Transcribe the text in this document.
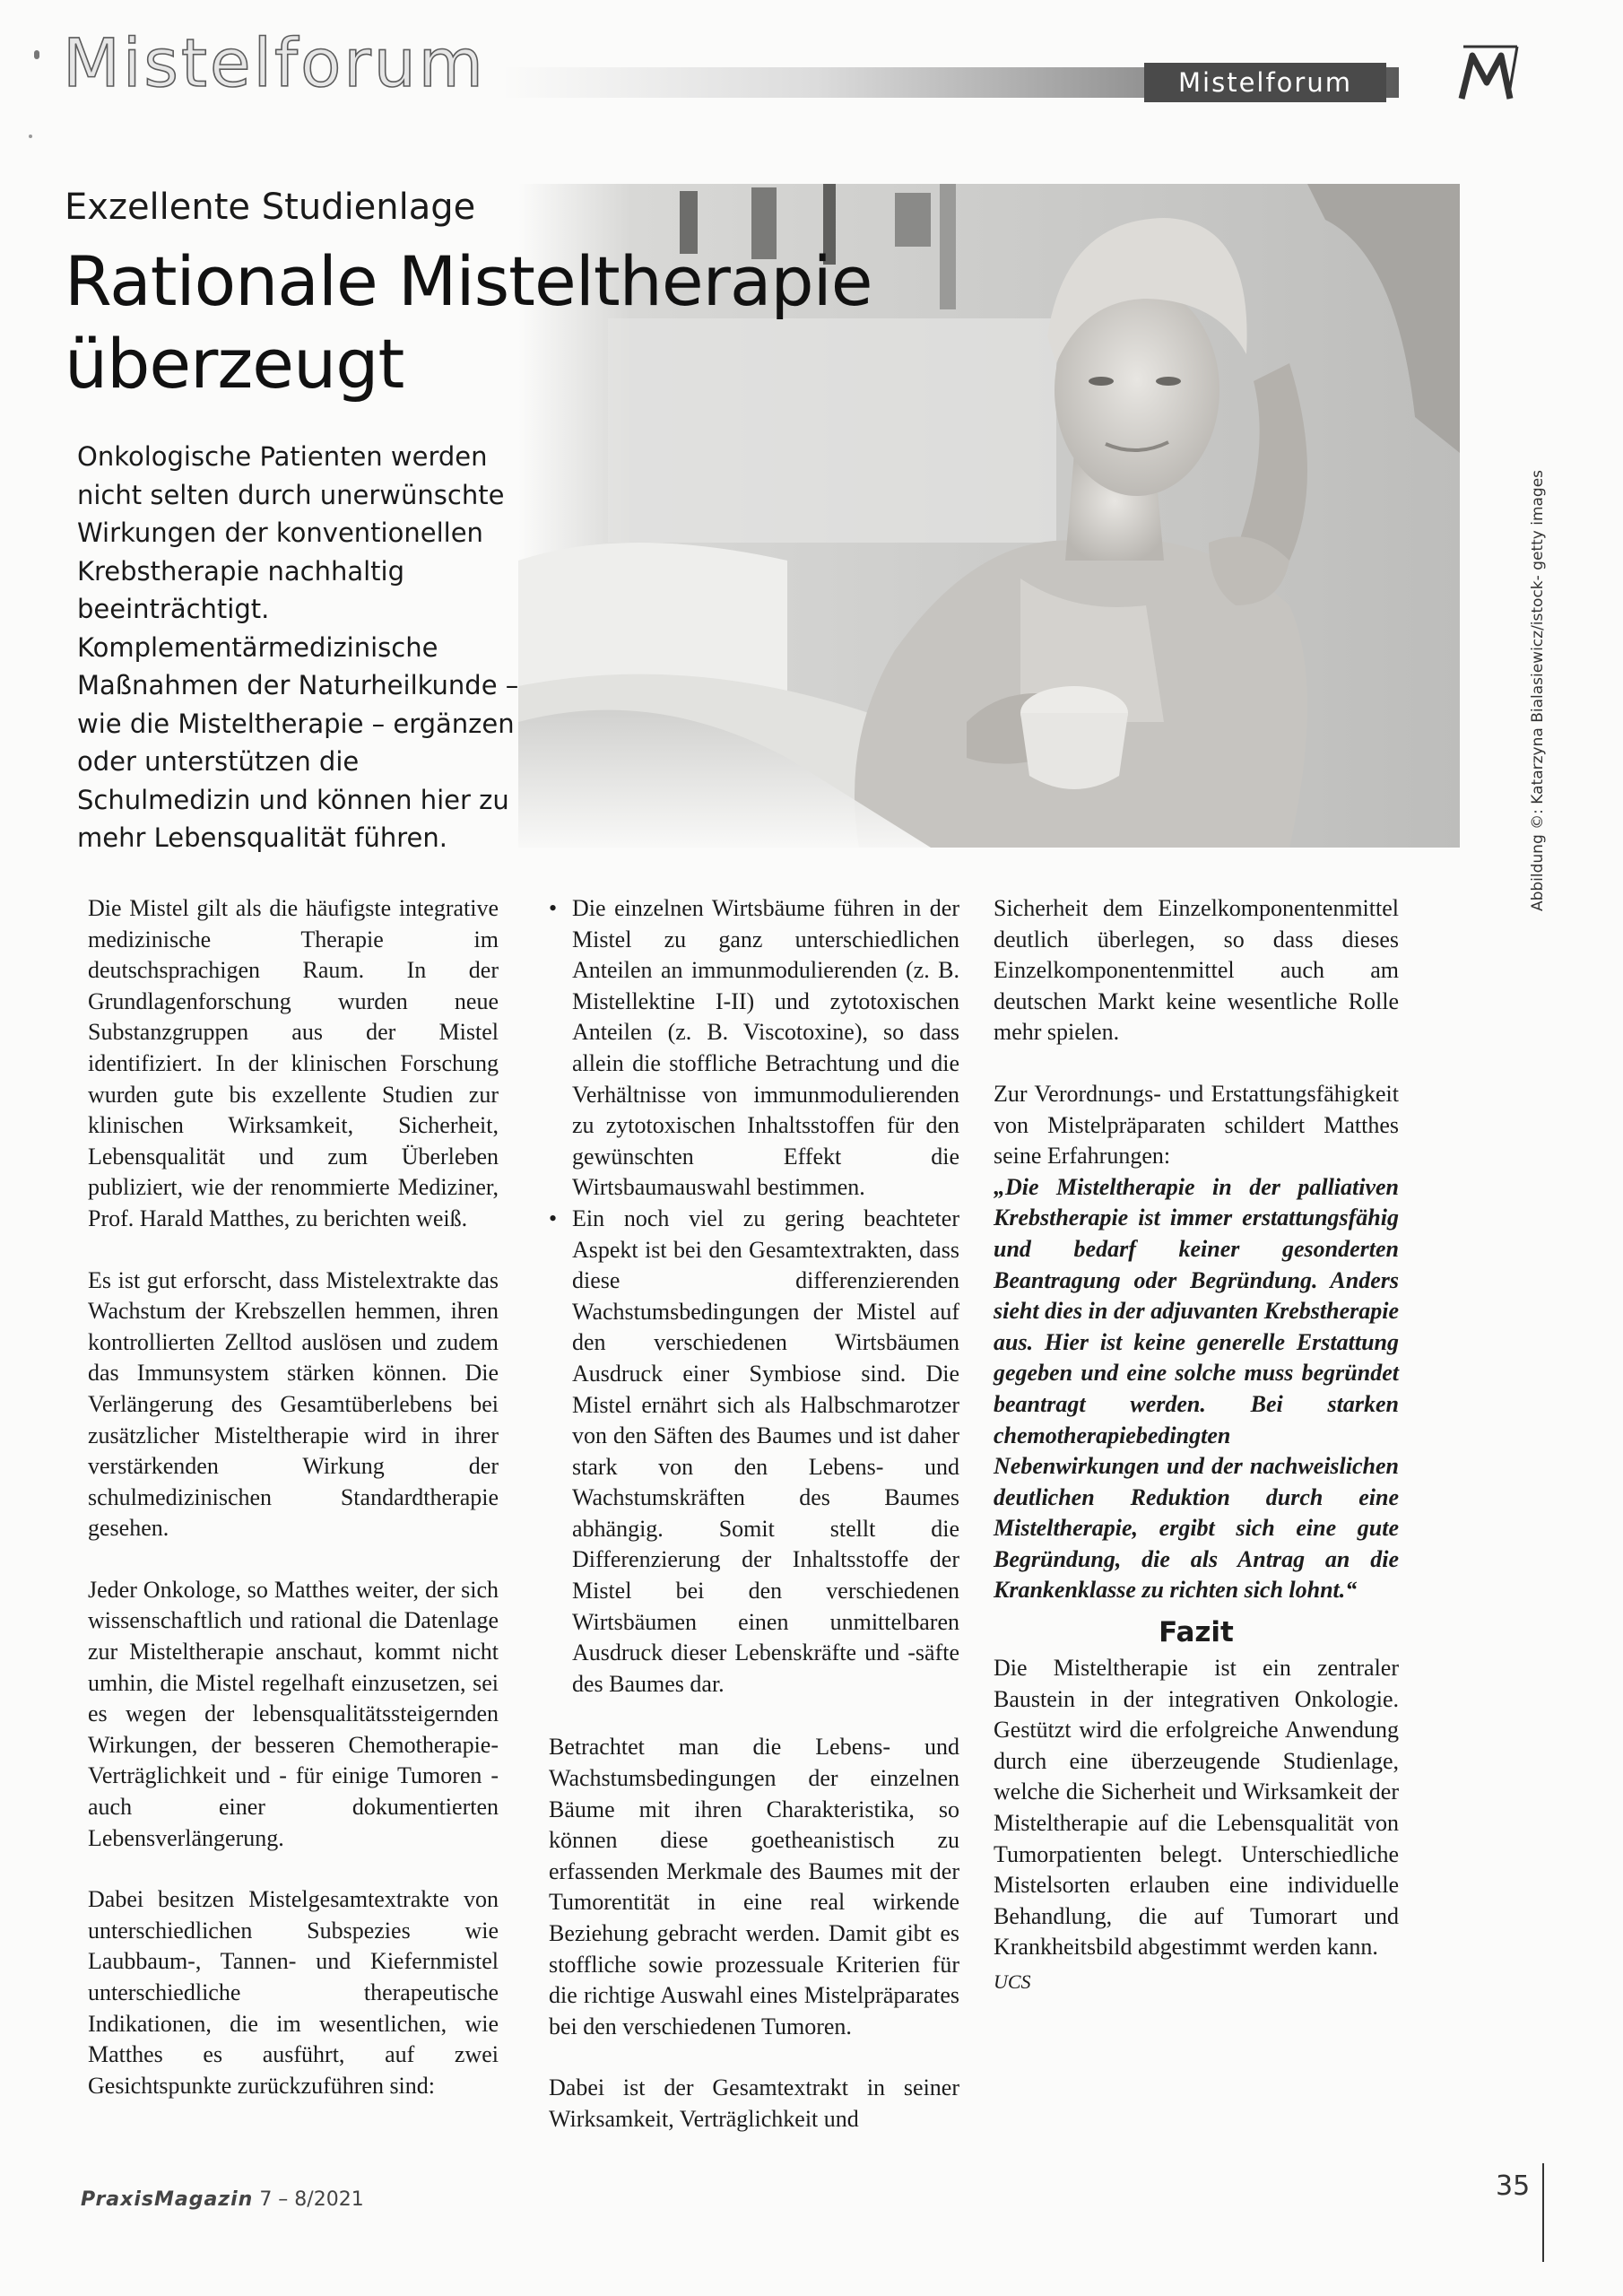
Mistelforum	Mistelforum
Abbildung ©: Katarzyna Bialasiewicz/istock- getty images
Exzellente Studienlage
Rationale Misteltherapie
überzeugt

Onkologische Patienten werden nicht selten durch unerwünschte Wirkungen der konventionellen Krebstherapie nachhaltig beeinträchtigt. Komplementärmedizinische Maßnahmen der Naturheilkunde – wie die Misteltherapie – ergänzen oder unterstützen die Schulmedizin und können hier zu mehr Lebensqualität führen.

Die Mistel gilt als die häufigste integrative medizinische Therapie im deutschsprachigen Raum. In der Grundlagenforschung wurden neue Substanzgruppen aus der Mistel identifiziert. In der klinischen Forschung wurden gute bis exzellente Studien zur klinischen Wirksamkeit, Sicherheit, Lebensqualität und zum Überleben publiziert, wie der renommierte Mediziner, Prof. Harald Matthes, zu berichten weiß.

Es ist gut erforscht, dass Mistelextrakte das Wachstum der Krebszellen hemmen, ihren kontrollierten Zelltod auslösen und zudem das Immunsystem stärken können. Die Verlängerung des Gesamtüberlebens bei zusätzlicher Misteltherapie wird in ihrer verstärkenden Wirkung der schulmedizinischen Standardtherapie gesehen.

Jeder Onkologe, so Matthes weiter, der sich wissenschaftlich und rational die Datenlage zur Misteltherapie anschaut, kommt nicht umhin, die Mistel regelhaft einzusetzen, sei es wegen der lebensqualitätssteigernden Wirkungen, der besseren Chemotherapie-Verträglichkeit und - für einige Tumoren - auch einer dokumentierten Lebensverlängerung.

Dabei besitzen Mistelgesamtextrakte von unterschiedlichen Subspezies wie Laubbaum-, Tannen- und Kiefernmistel unterschiedliche therapeutische Indikationen, die im wesentlichen, wie Matthes es ausführt, auf zwei Gesichtspunkte zurückzuführen sind:

• Die einzelnen Wirtsbäume führen in der Mistel zu ganz unterschiedlichen Anteilen an immunmodulierenden (z. B. Mistellektine I-II) und zytotoxischen Anteilen (z. B. Viscotoxine), so dass allein die stoffliche Betrachtung und die Verhältnisse von immunmodulierenden zu zytotoxischen Inhaltsstoffen für den gewünschten Effekt die Wirtsbaumauswahl bestimmen.
• Ein noch viel zu gering beachteter Aspekt ist bei den Gesamtextrakten, dass diese differenzierenden Wachstumsbedingungen der Mistel auf den verschiedenen Wirtsbäumen Ausdruck einer Symbiose sind. Die Mistel ernährt sich als Halbschmarotzer von den Säften des Baumes und ist daher stark von den Lebens- und Wachstumskräften des Baumes abhängig. Somit stellt die Differenzierung der Inhaltsstoffe der Mistel bei den verschiedenen Wirtsbäumen einen unmittelbaren Ausdruck dieser Lebenskräfte und -säfte des Baumes dar.

Betrachtet man die Lebens- und Wachstumsbedingungen der einzelnen Bäume mit ihren Charakteristika, so können diese goetheanistisch zu erfassenden Merkmale des Baumes mit der Tumorentität in eine real wirkende Beziehung gebracht werden. Damit gibt es stoffliche sowie prozessuale Kriterien für die richtige Auswahl eines Mistelpräparates bei den verschiedenen Tumoren.

Dabei ist der Gesamtextrakt in seiner Wirksamkeit, Verträglichkeit und

Sicherheit dem Einzelkomponentenmittel deutlich überlegen, so dass dieses Einzelkomponentenmittel auch am deutschen Markt keine wesentliche Rolle mehr spielen.

Zur Verordnungs- und Erstattungsfähigkeit von Mistelpräparaten schildert Matthes seine Erfahrungen:

„Die Misteltherapie in der palliativen Krebstherapie ist immer erstattungsfähig und bedarf keiner gesonderten Beantragung oder Begründung. Anders sieht dies in der adjuvanten Krebstherapie aus. Hier ist keine generelle Erstattung gegeben und eine solche muss begründet beantragt werden. Bei starken chemotherapiebedingten Nebenwirkungen und der nachweislichen deutlichen Reduktion durch eine Misteltherapie, ergibt sich eine gute Begründung, die als Antrag an die Krankenklasse zu richten sich lohnt.“

Fazit

Die Misteltherapie ist ein zentraler Baustein in der integrativen Onkologie. Gestützt wird die erfolgreiche Anwendung durch eine überzeugende Studienlage, welche die Sicherheit und Wirksamkeit der Misteltherapie auf die Lebensqualität von Tumorpatienten belegt. Unterschiedliche Mistelsorten erlauben eine individuelle Behandlung, die auf Tumorart und Krankheitsbild abgestimmt werden kann.

UCS

PraxisMagazin 7 – 8/2021	35
